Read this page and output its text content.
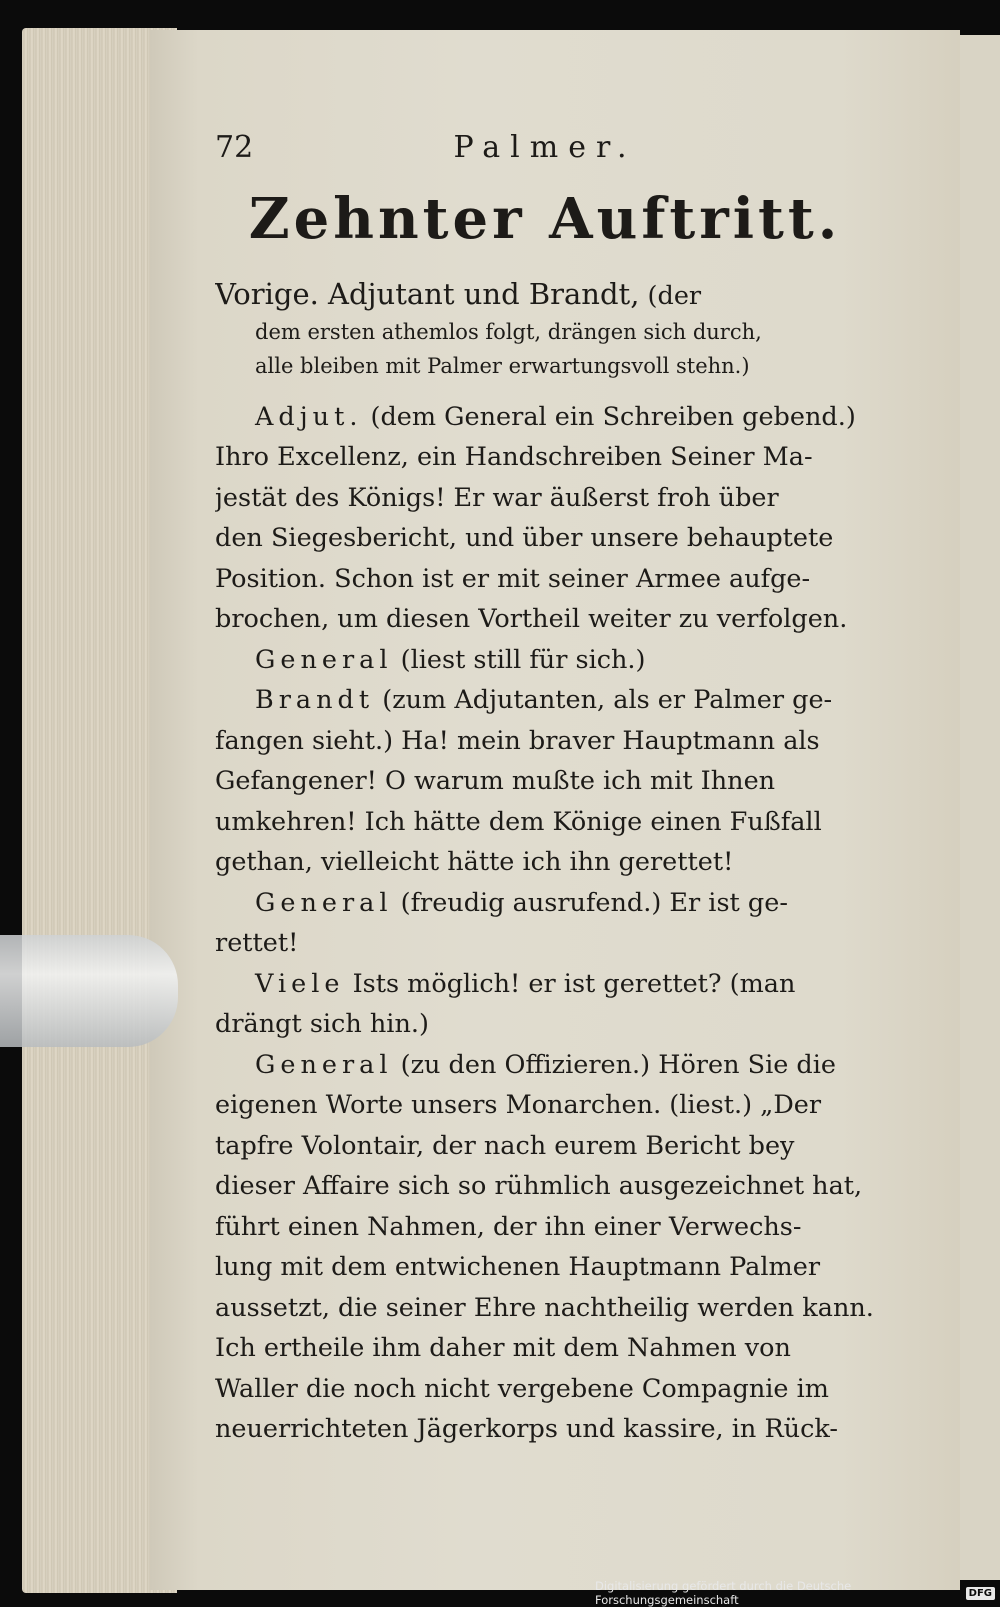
72	Palmer.
Zehnter Auftritt.
Vorige. Adjutant und Brandt, (der
dem ersten athemlos folgt, drängen sich durch,
alle bleiben mit Palmer erwartungsvoll stehn.)
Adjut. (dem General ein Schreiben gebend.)
Ihro Excellenz, ein Handschreiben Seiner Ma-
jestät des Königs! Er war äußerst froh über
den Siegesbericht, und über unsere behauptete
Position. Schon ist er mit seiner Armee aufge-
brochen, um diesen Vortheil weiter zu verfolgen.
General (liest still für sich.)
Brandt (zum Adjutanten, als er Palmer ge-
fangen sieht.) Ha! mein braver Hauptmann als
Gefangener! O warum mußte ich mit Ihnen
umkehren! Ich hätte dem Könige einen Fußfall
gethan, vielleicht hätte ich ihn gerettet!
General (freudig ausrufend.) Er ist ge-
rettet!
Viele Ists möglich! er ist gerettet? (man
drängt sich hin.)
General (zu den Offizieren.) Hören Sie die
eigenen Worte unsers Monarchen. (liest.) „Der
tapfre Volontair, der nach eurem Bericht bey
dieser Affaire sich so rühmlich ausgezeichnet hat,
führt einen Nahmen, der ihn einer Verwechs-
lung mit dem entwichenen Hauptmann Palmer
aussetzt, die seiner Ehre nachtheilig werden kann.
Ich ertheile ihm daher mit dem Nahmen von
Waller die noch nicht vergebene Compagnie im
neuerrichteten Jägerkorps und kassire, in Rück-
Digitalisierung gefördert durch die Deutsche Forschungsgemeinschaft	DFG
